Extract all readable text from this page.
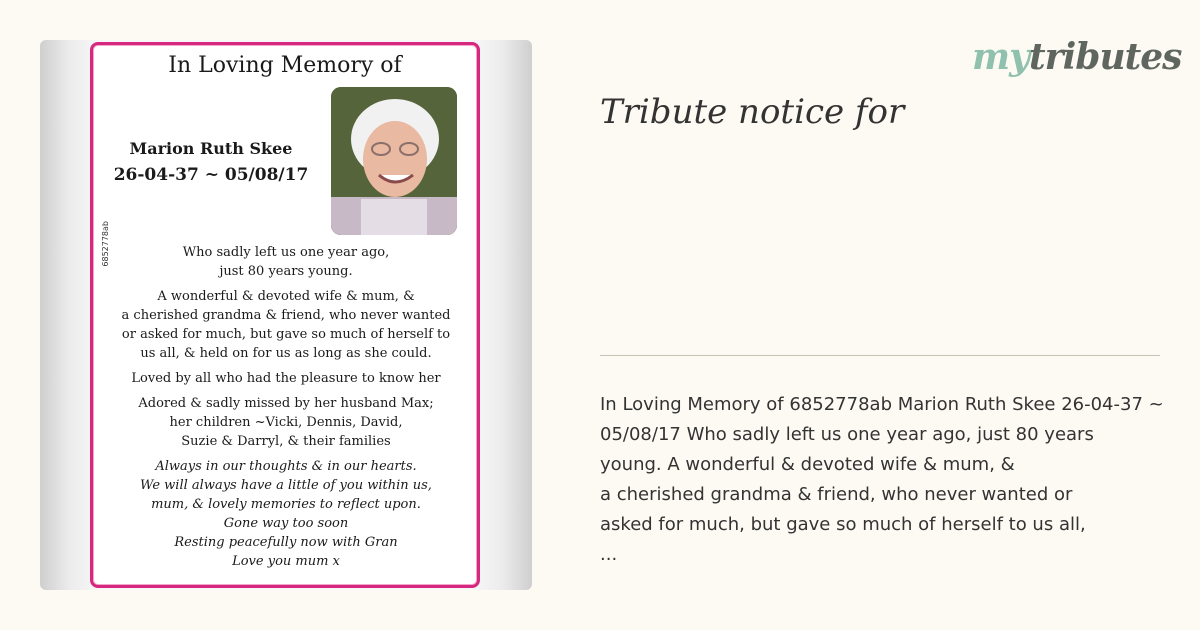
In Loving Memory of
Marion Ruth Skee
26-04-37 ~ 05/08/17
6852778ab	Who sadly left us one year ago,
just 80 years young.

A wonderful & devoted wife & mum, &
a cherished grandma & friend, who never wanted
or asked for much, but gave so much of herself to
us all, & held on for us as long as she could.

Loved by all who had the pleasure to know her

Adored & sadly missed by her husband Max;
her children ~Vicki, Dennis, David,
Suzie & Darryl, & their families

Always in our thoughts & in our hearts.
We will always have a little of you within us,
mum, & lovely memories to reflect upon.
Gone way too soon
Resting peacefully now with Gran
Love you mum x

mytributes
Tribute notice for
In Loving Memory of 6852778ab Marion Ruth Skee 26-04-37 ~
05/08/17 Who sadly left us one year ago, just 80 years
young. A wonderful & devoted wife & mum, &
a cherished grandma & friend, who never wanted or
asked for much, but gave so much of herself to us all,
...
